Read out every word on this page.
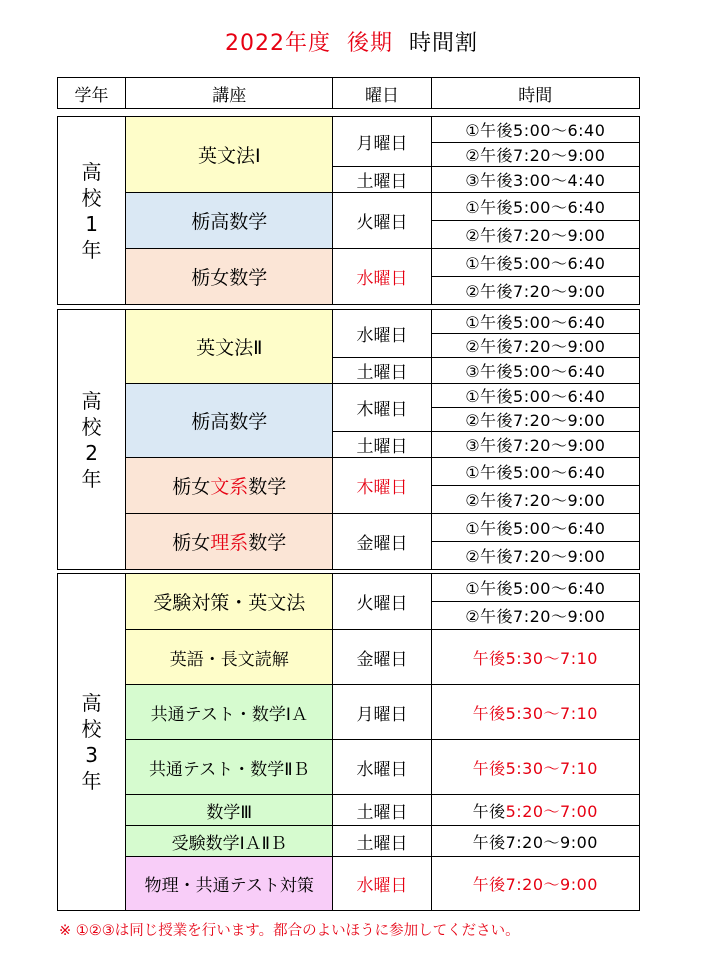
2022年度 後期 時間割
学年	講座	曜日	時間
高
校
1
年	英文法Ⅰ	月曜日	①午後5:00～6:40
			②午後7:20～9:00
		土曜日	③午後3:00～4:40
	栃高数学	火曜日	①午後5:00～6:40
			②午後7:20～9:00
	栃女数学	水曜日	①午後5:00～6:40
			②午後7:20～9:00
高
校
2
年	英文法Ⅱ	水曜日	①午後5:00～6:40
			②午後7:20～9:00
		土曜日	③午後5:00～6:40
	栃高数学	木曜日	①午後5:00～6:40
			②午後7:20～9:00
		土曜日	③午後7:20～9:00
	栃女文系数学	木曜日	①午後5:00～6:40
			②午後7:20～9:00
	栃女理系数学	金曜日	①午後5:00～6:40
			②午後7:20～9:00
高
校
3
年	受験対策・英文法	火曜日	①午後5:00～6:40
			②午後7:20～9:00
	英語・長文読解	金曜日	午後5:30～7:10
	共通テスト・数学ⅠＡ	月曜日	午後5:30～7:10
	共通テスト・数学ⅡＢ	水曜日	午後5:30～7:10
	数学Ⅲ	土曜日	午後5:20～7:00
	受験数学ⅠＡⅡＢ	土曜日	午後7:20～9:00
	物理・共通テスト対策	水曜日	午後7:20～9:00
※ ①②③は同じ授業を行います。都合のよいほうに参加してください。
